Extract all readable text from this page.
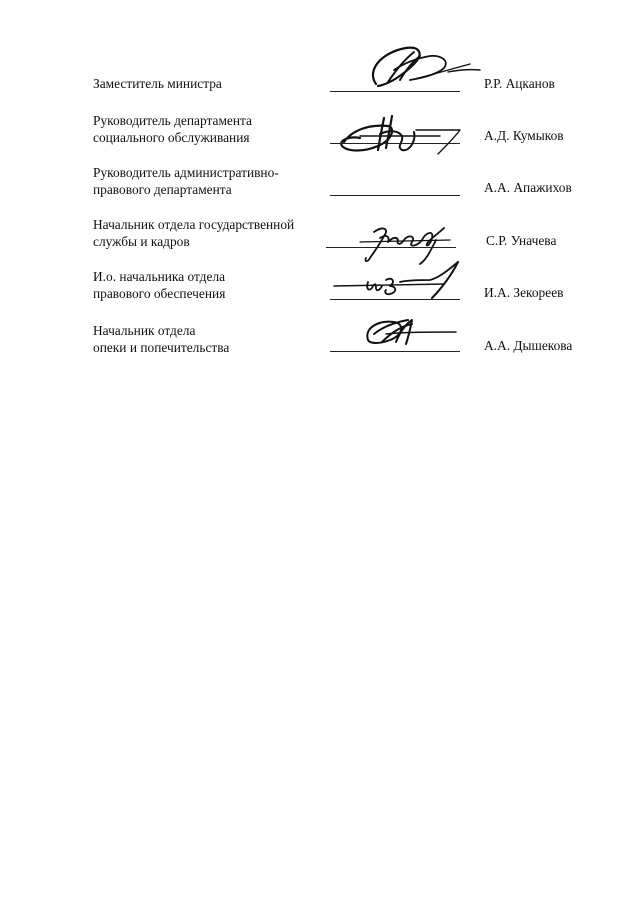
Заместитель министра	Р.Р. Ацканов
Руководитель департамента
социального обслуживания	А.Д. Кумыков
Руководитель административно-
правового департамента	А.А. Апажихов
Начальник отдела государственной
службы и кадров	С.Р. Уначева
И.о. начальника отдела
правового обеспечения	И.А. Зекореев
Начальник отдела
опеки и попечительства	А.А. Дышекова
